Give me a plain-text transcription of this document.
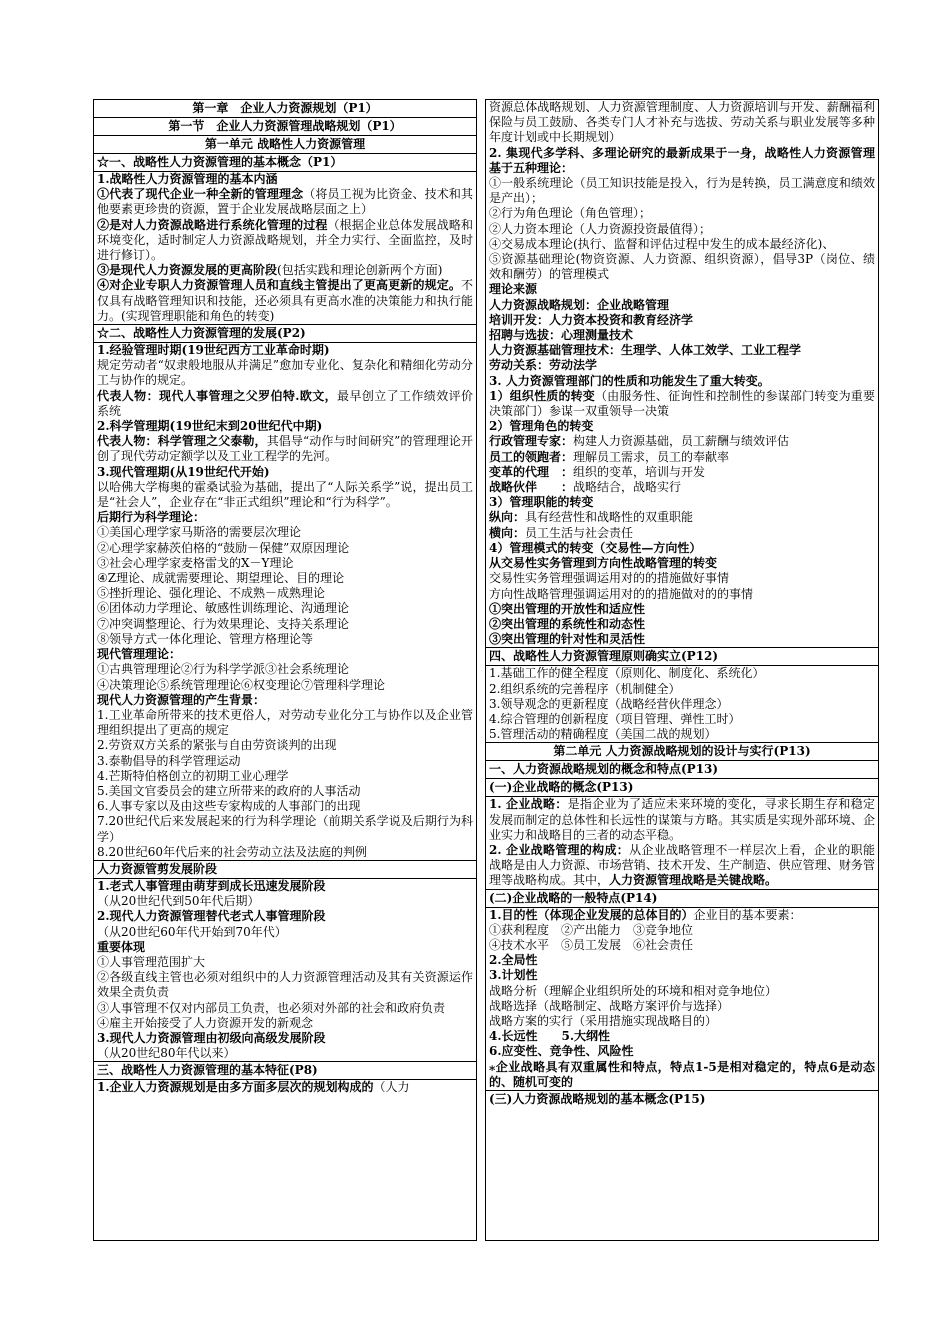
第一章　企业人力资源规划（P1）
第一节　企业人力资源管理战略规划（P1）
第一单元 战略性人力资源管理
☆一、战略性人力资源管理的基本概念（P1）

1.战略性人力资源管理的基本内涵

①代表了现代企业一种全新的管理理念（将员工视为比资金、技术和其他要素更珍贵的资源，置于企业发展战略层面之上）

②是对人力资源战略进行系统化管理的过程（根据企业总体发展战略和环境变化，适时制定人力资源战略规划，并全力实行、全面监控，及时进行修订）。

③是现代人力资源发展的更高阶段(包括实践和理论创新两个方面)

④对企业专职人力资源管理人员和直线主管提出了更高更新的规定。不仅具有战略管理知识和技能，还必须具有更高水准的决策能力和执行能力。(实现管理职能和角色的转变)

☆二、战略性人力资源管理的发展(P2)

1.经验管理时期(19世纪西方工业革命时期)

规定劳动者“奴隶般地服从并满足”愈加专业化、复杂化和精细化劳动分工与协作的规定。

代表人物：现代人事管理之父罗伯特.欧文，最早创立了工作绩效评价系统

2.科学管理期(19世纪末到20世纪代中期)

代表人物：科学管理之父泰勒，其倡导“动作与时间研究”的管理理论开创了现代劳动定额学以及工业工程学的先河。

3.现代管理期(从19世纪代开始)

以哈佛大学梅奥的霍桑试验为基础，提出了“人际关系学”说，提出员工是“社会人”，企业存在“非正式组织”理论和“行为科学”。

后期行为科学理论：

①美国心理学家马斯洛的需要层次理论

②心理学家赫茨伯格的“鼓励－保健”双原因理论

③社会心理学家麦格雷戈的X－Y理论

④Z理论、成就需要理论、期望理论、目的理论

⑤挫折理论、强化理论、不成熟－成熟理论

⑥团体动力学理论、敏感性训练理论、沟通理论

⑦冲突调整理论、行为效果理论、支持关系理论

⑧领导方式一体化理论、管理方格理论等

现代管理理论：

①古典管理理论②行为科学学派③社会系统理论

④决策理论⑤系统管理理论⑥权变理论⑦管理科学理论

现代人力资源管理的产生背景：

1.工业革命所带来的技术更俗人，对劳动专业化分工与协作以及企业管理组织提出了更高的规定

2.劳资双方关系的紧张与自由劳资谈判的出现

3.泰勒倡导的科学管理运动

4.芒斯特伯格创立的初期工业心理学

5.美国文官委员会的建立所带来的政府的人事活动

6.人事专家以及由这些专家构成的人事部门的出现

7.20世纪代后来发展起来的行为科学理论（前期关系学说及后期行为科学）

8.20世纪60年代后来的社会劳动立法及法庭的判例

人力资源管剪发展阶段

1.老式人事管理由萌芽到成长迅速发展阶段

（从20世纪代到50年代后期）

2.现代人力资源管理替代老式人事管理阶段

（从20世纪60年代开始到70年代）

重要体现

①人事管理范围扩大

②各级直线主管也必须对组织中的人力资源管理活动及其有关资源运作效果全责负责

③人事管理不仅对内部员工负责，也必须对外部的社会和政府负责

④雇主开始接受了人力资源开发的新观念

3.现代人力资源管理由初级向高级发展阶段

（从20世纪80年代以来）

三、战略性人力资源管理的基本特征(P8)

1.企业人力资源规划是由多方面多层次的规划构成的（人力

资源总体战略规划、人力资源管理制度、人力资源培训与开发、薪酬福利保险与员工鼓励、各类专门人才补充与选拔、劳动关系与职业发展等多种年度计划或中长期规划）

2. 集现代多学科、多理论研究的最新成果于一身，战略性人力资源管理基于五种理论：

①一般系统理论（员工知识技能是投入，行为是转换，员工满意度和绩效是产出）；

②行为角色理论（角色管理）；

②人力资本理论（人力资源投资最值得）；

④交易成本理论(执行、监督和评估过程中发生的成本最经济化)、

⑤资源基础理论(物资资源、人力资源、组织资源），倡导3P（岗位、绩效和酬劳）的管理模式

理论来源

人力资源战略规划：企业战略管理

培训开发：人力资本投资和教育经济学

招聘与选拔：心理测量技术

人力资源基础管理技术：生理学、人体工效学、工业工程学

劳动关系：劳动法学

3. 人力资源管理部门的性质和功能发生了重大转变。

1）组织性质的转变（由服务性、征询性和控制性的参谋部门转变为重要决策部门）参谋一双重领导一决策

2）管理角色的转变

行政管理专家：构建人力资源基础，员工薪酬与绩效评估

员工的领跑者：理解员工需求，员工的奉献率

变革的代理　：组织的变革，培训与开发

战略伙伴　　：战略结合，战略实行

3）管理职能的转变

纵向：具有经营性和战略性的双重职能

横向：员工生活与社会责任

4）管理模式的转变（交易性—方向性）

从交易性实务管理到方向性战略管理的转变

交易性实务管理强调运用对的的措施做好事情

方向性战略管理强调运用对的的措施做对的的事情

①突出管理的开放性和适应性

②突出管理的系统性和动态性

③突出管理的针对性和灵活性

四、战略性人力资源管理原则确实立(P12)

1.基础工作的健全程度（原则化、制度化、系统化）

2.组织系统的完善程序（机制健全）

3.领导观念的更新程度（战略经营伙伴理念）

4.综合管理的创新程度（项目管理、弹性工时）

5.管理活动的精确程度（美国二战的规划）

第二单元 人力资源战略规划的设计与实行(P13)
一、人力资源战略规划的概念和特点(P13)
(一)企业战略的概念(P13)

1. 企业战略：是指企业为了适应未来环境的变化，寻求长期生存和稳定发展而制定的总体性和长远性的谋策与方略。其实质是实现外部环境、企业实力和战略目的三者的动态平稳。

2. 企业战略管理的构成：从企业战略管理不一样层次上看，企业的职能战略是由人力资源、市场营销、技术开发、生产制造、供应管理、财务管理等战略构成。其中，人力资源管理战略是关键战略。

(二)企业战略的一般特点(P14)

1.目的性（体现企业发展的总体目的）企业目的基本要素：

①获利程度　②产出能力　③竞争地位

④技术水平　⑤员工发展　⑥社会责任

2.全局性

3.计划性

战略分析（理解企业组织所处的环境和相对竞争地位）

战略选择（战略制定、战略方案评价与选择）

战略方案的实行（采用措施实现战略目的）

4.长远性　　5.大纲性

6.应变性、竞争性、风险性

⁎企业战略具有双重属性和特点，特点1-5是相对稳定的，特点6是动态的、随机可变的

(三)人力资源战略规划的基本概念(P15)
